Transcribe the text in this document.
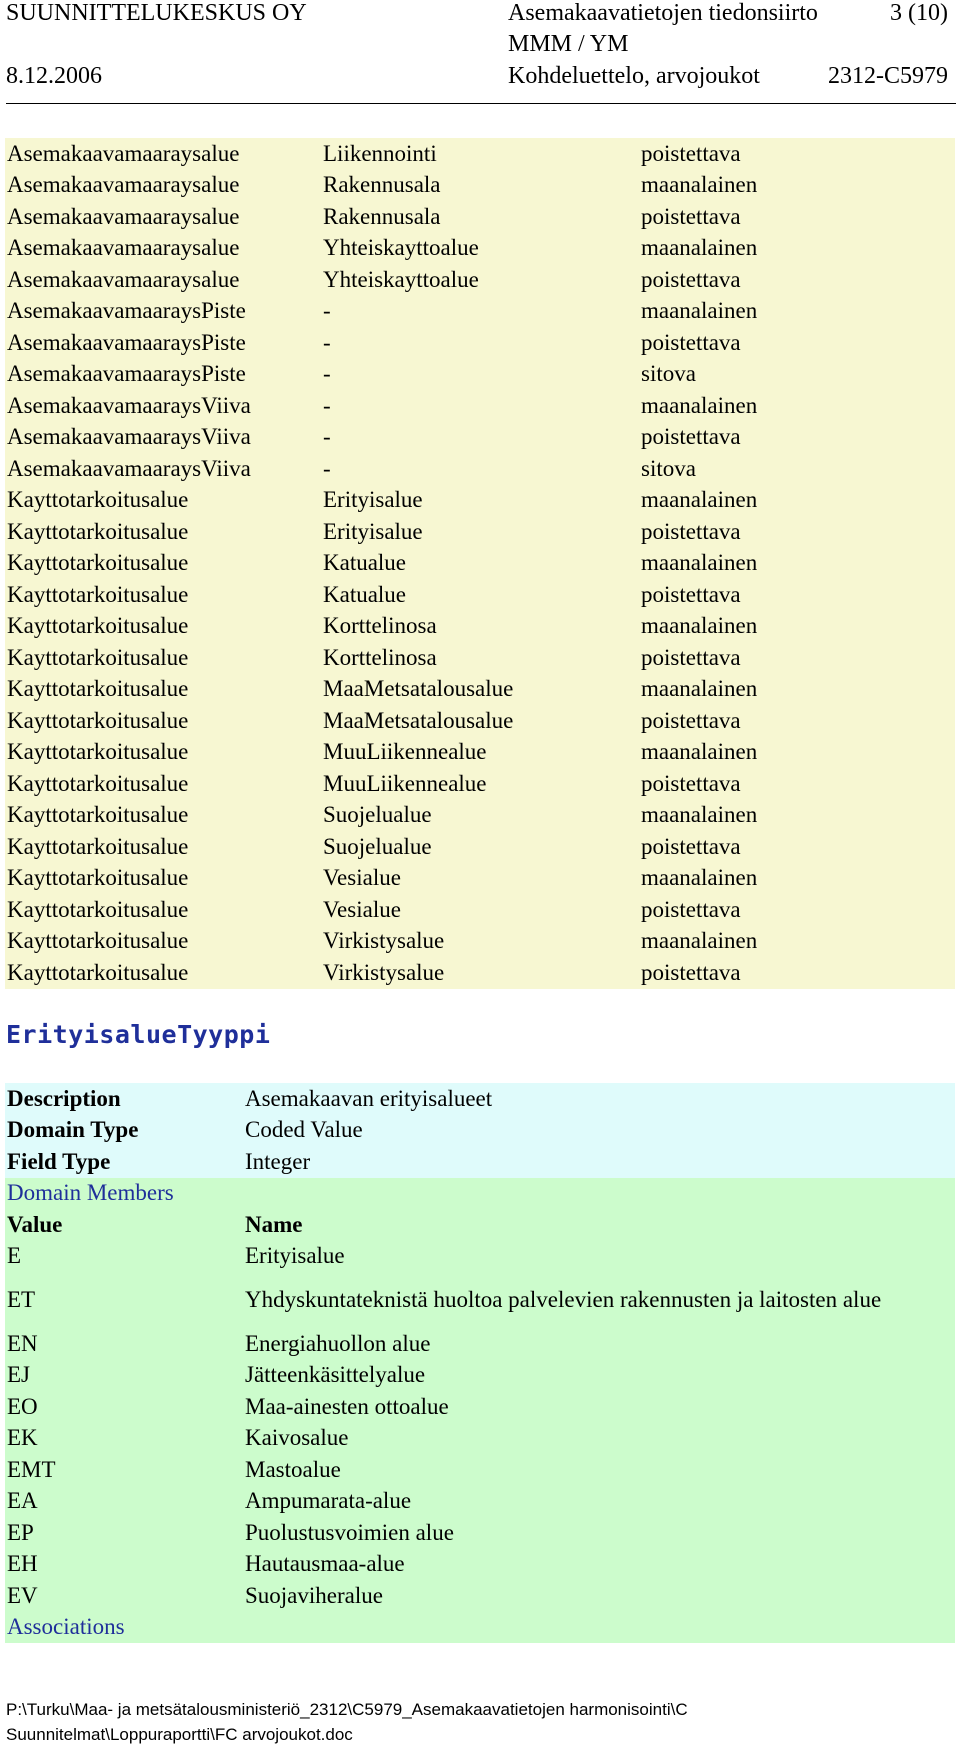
SUUNNITTELUKESKUS OY
8.12.2006
Asemakaavatietojen tiedonsiirto	3 (10)
MMM / YM
Kohdeluettelo, arvojoukot	2312-C5979
Asemakaavamaaraysalue	Liikennointi	poistettava
Asemakaavamaaraysalue	Rakennusala	maanalainen
Asemakaavamaaraysalue	Rakennusala	poistettava
Asemakaavamaaraysalue	Yhteiskayttoalue	maanalainen
Asemakaavamaaraysalue	Yhteiskayttoalue	poistettava
AsemakaavamaaraysPiste	-	maanalainen
AsemakaavamaaraysPiste	-	poistettava
AsemakaavamaaraysPiste	-	sitova
AsemakaavamaaraysViiva	-	maanalainen
AsemakaavamaaraysViiva	-	poistettava
AsemakaavamaaraysViiva	-	sitova
Kayttotarkoitusalue	Erityisalue	maanalainen
Kayttotarkoitusalue	Erityisalue	poistettava
Kayttotarkoitusalue	Katualue	maanalainen
Kayttotarkoitusalue	Katualue	poistettava
Kayttotarkoitusalue	Korttelinosa	maanalainen
Kayttotarkoitusalue	Korttelinosa	poistettava
Kayttotarkoitusalue	MaaMetsatalousalue	maanalainen
Kayttotarkoitusalue	MaaMetsatalousalue	poistettava
Kayttotarkoitusalue	MuuLiikennealue	maanalainen
Kayttotarkoitusalue	MuuLiikennealue	poistettava
Kayttotarkoitusalue	Suojelualue	maanalainen
Kayttotarkoitusalue	Suojelualue	poistettava
Kayttotarkoitusalue	Vesialue	maanalainen
Kayttotarkoitusalue	Vesialue	poistettava
Kayttotarkoitusalue	Virkistysalue	maanalainen
Kayttotarkoitusalue	Virkistysalue	poistettava
ErityisalueTyyppi
Description	Asemakaavan erityisalueet
Domain Type	Coded Value
Field Type	Integer
Domain Members	
Value	Name
E	Erityisalue
ET	Yhdyskuntateknistä huoltoa palvelevien rakennusten ja laitosten alue
EN	Energiahuollon alue
EJ	Jätteenkäsittelyalue
EO	Maa-ainesten ottoalue
EK	Kaivosalue
EMT	Mastoalue
EA	Ampumarata-alue
EP	Puolustusvoimien alue
EH	Hautausmaa-alue
EV	Suojaviheralue
Associations	
P:\Turku\Maa- ja metsätalousministeriö_2312\C5979_Asemakaavatietojen harmonisointi\C
Suunnitelmat\Loppuraportti\FC arvojoukot.doc
